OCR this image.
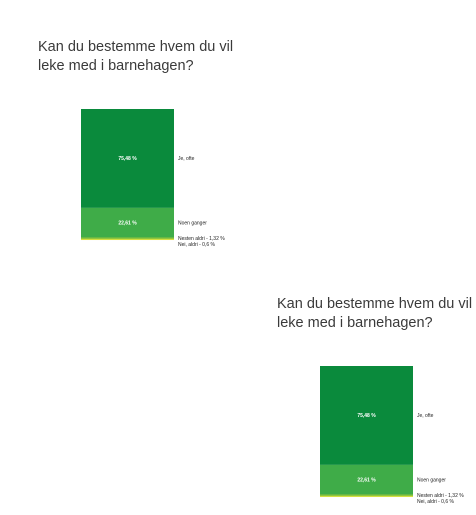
Kan du bestemme hvem du vil
leke med i barnehagen?
75,48 %
22,61 %
Je, ofte
Noen ganger
Nesten aldri - 1,32 %
Nei, aldri - 0,6 %
Kan du bestemme hvem du vil
leke med i barnehagen?
75,48 %
22,61 %
Je, ofte
Noen ganger
Nesten aldri - 1,32 %
Nei, aldri - 0,6 %
